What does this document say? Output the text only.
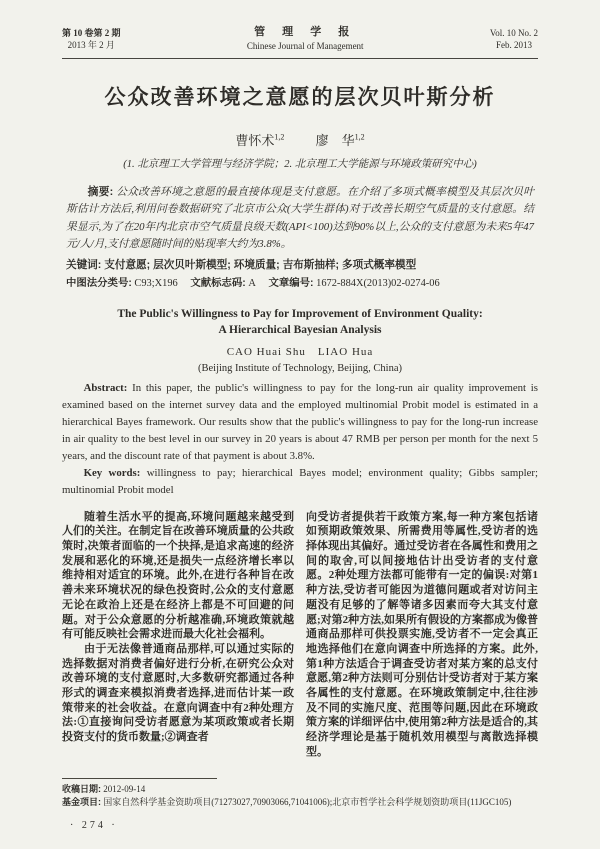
第 10 卷第 2 期
2013 年 2 月
管 理 学 报
Chinese Journal of Management
Vol. 10 No. 2
Feb. 2013
公众改善环境之意愿的层次贝叶斯分析
曹怀术$^{1,2}$ 廖　华$^{1,2}$
(1. 北京理工大学管理与经济学院；2. 北京理工大学能源与环境政策研究中心)

摘要: 公众改善环境之意愿的最直接体现是支付意愿。在介绍了多项式概率模型及其层次贝叶斯估计方法后,利用问卷数据研究了北京市公众(大学生群体)对于改善长期空气质量的支付意愿。结果显示,为了在20年内北京市空气质量良级天数(API<100)达到90%以上,公众的支付意愿为未来5年47元/人/月,支付意愿随时间的贴现率大约为3.8%。

关键词: 支付意愿; 层次贝叶斯模型; 环境质量; 吉布斯抽样; 多项式概率模型

中图法分类号: C93;X196 文献标志码: A 文章编号: 1672-884X(2013)02-0274-06

The Public's Willingness to Pay for Improvement of Environment Quality:
A Hierarchical Bayesian Analysis
CAO Huai Shu　LIAO Hua
(Beijing Institute of Technology, Beijing, China)

Abstract: In this paper, the public's willingness to pay for the long-run air quality improvement is examined based on the internet survey data and the employed multinomial Probit model is estimated in a hierarchical Bayes framework. Our results show that the public's willingness to pay for the long-run increase in air quality to the best level in our survey in 20 years is about 47 RMB per person per month for the next 5 years, and the discount rate of that payment is about 3.8%.

Key words: willingness to pay; hierarchical Bayes model; environment quality; Gibbs sampler; multinomial Probit model

随着生活水平的提高,环境问题越来越受到人们的关注。在制定旨在改善环境质量的公共政策时,决策者面临的一个抉择,是追求高速的经济发展和恶化的环境,还是损失一点经济增长率以维持相对适宜的环境。此外,在进行各种旨在改善未来环境状况的绿色投资时,公众的支付意愿无论在政治上还是在经济上都是不可回避的问题。对于公众意愿的分析越准确,环境政策就越有可能反映社会需求进而最大化社会福利。

由于无法像普通商品那样,可以通过实际的选择数据对消费者偏好进行分析,在研究公众对改善环境的支付意愿时,大多数研究都通过各种形式的调查来模拟消费者选择,进而估计某一政策带来的社会收益。在意向调查中有2种处理方法:①直接询问受访者愿意为某项政策或者长期投资支付的货币数量;②调查者

向受访者提供若干政策方案,每一种方案包括诸如预期政策效果、所需费用等属性,受访者的选择体现出其偏好。通过受访者在各属性和费用之间的取舍,可以间接地估计出受访者的支付意愿。2种处理方法都可能带有一定的偏误:对第1种方法,受访者可能因为道德问题或者对访问主题没有足够的了解等诸多因素而夸大其支付意愿;对第2种方法,如果所有假设的方案都成为像普通商品那样可供投票实施,受访者不一定会真正地选择他们在意向调查中所选择的方案。此外,第1种方法适合于调查受访者对某方案的总支付意愿,第2种方法则可分别估计受访者对于某方案各属性的支付意愿。在环境政策制定中,往往涉及不同的实施尺度、范围等问题,因此在环境政策方案的详细评估中,使用第2种方法是适合的,其经济学理论是基于随机效用模型与离散选择模型。

收稿日期: 2012-09-14
基金项目: 国家自然科学基金资助项目(71273027,70903066,71041006);北京市哲学社会科学规划资助项目(11JGC105)
· 274 ·
